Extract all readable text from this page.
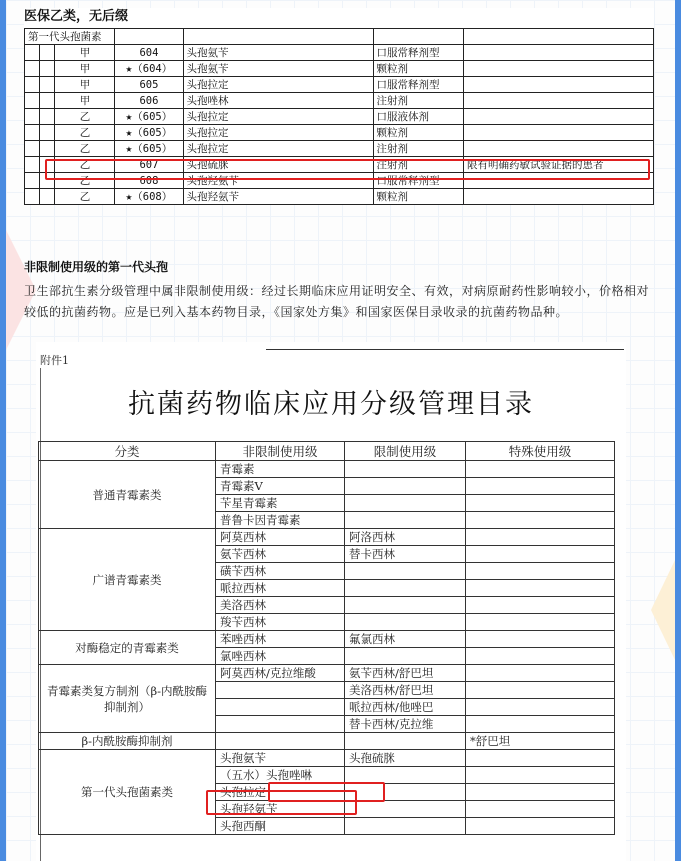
医保乙类，无后缀
第一代头孢菌素						
		甲	604	头孢氨苄	口服常释剂型	
		甲	★（604）	头孢氨苄	颗粒剂	
		甲	605	头孢拉定	口服常释剂型	
		甲	606	头孢唑林	注射剂	
		乙	★（605）	头孢拉定	口服液体剂	
		乙	★（605）	头孢拉定	颗粒剂	
		乙	★（605）	头孢拉定	注射剂	
		乙	607	头孢硫脒	注射剂	限有明确药敏试验证据的患者
		乙	608	头孢羟氨苄	口服常释剂型	
		乙	★（608）	头孢羟氨苄	颗粒剂	
非限制使用级的第一代头孢

卫生部抗生素分级管理中属非限制使用级：经过长期临床应用证明安全、有效，对病原耐药性影响较小，价格相对较低的抗菌药物。应是已列入基本药物目录，《国家处方集》和国家医保目录收录的抗菌药物品种。

附件1
抗菌药物临床应用分级管理目录
分类	非限制使用级	限制使用级	特殊使用级
普通青霉素类	青霉素		
	青霉素V		
	苄星青霉素		
	普鲁卡因青霉素		
广谱青霉素类	阿莫西林	阿洛西林	
	氨苄西林	替卡西林	
	磺苄西林		
	哌拉西林		
	美洛西林		
	羧苄西林		
对酶稳定的青霉素类	苯唑西林	氟氯西林	
	氯唑西林		
青霉素类复方制剂（β-内酰胺酶抑制剂）	阿莫西林/克拉维酸	氨苄西林/舒巴坦	
		美洛西林/舒巴坦	
		哌拉西林/他唑巴	
		替卡西林/克拉维	
β-内酰胺酶抑制剂			*舒巴坦
第一代头孢菌素类	头孢氨苄	头孢硫脒	
	（五水）头孢唑啉		
	头孢拉定		
	头孢羟氨苄		
	头孢西酮		
